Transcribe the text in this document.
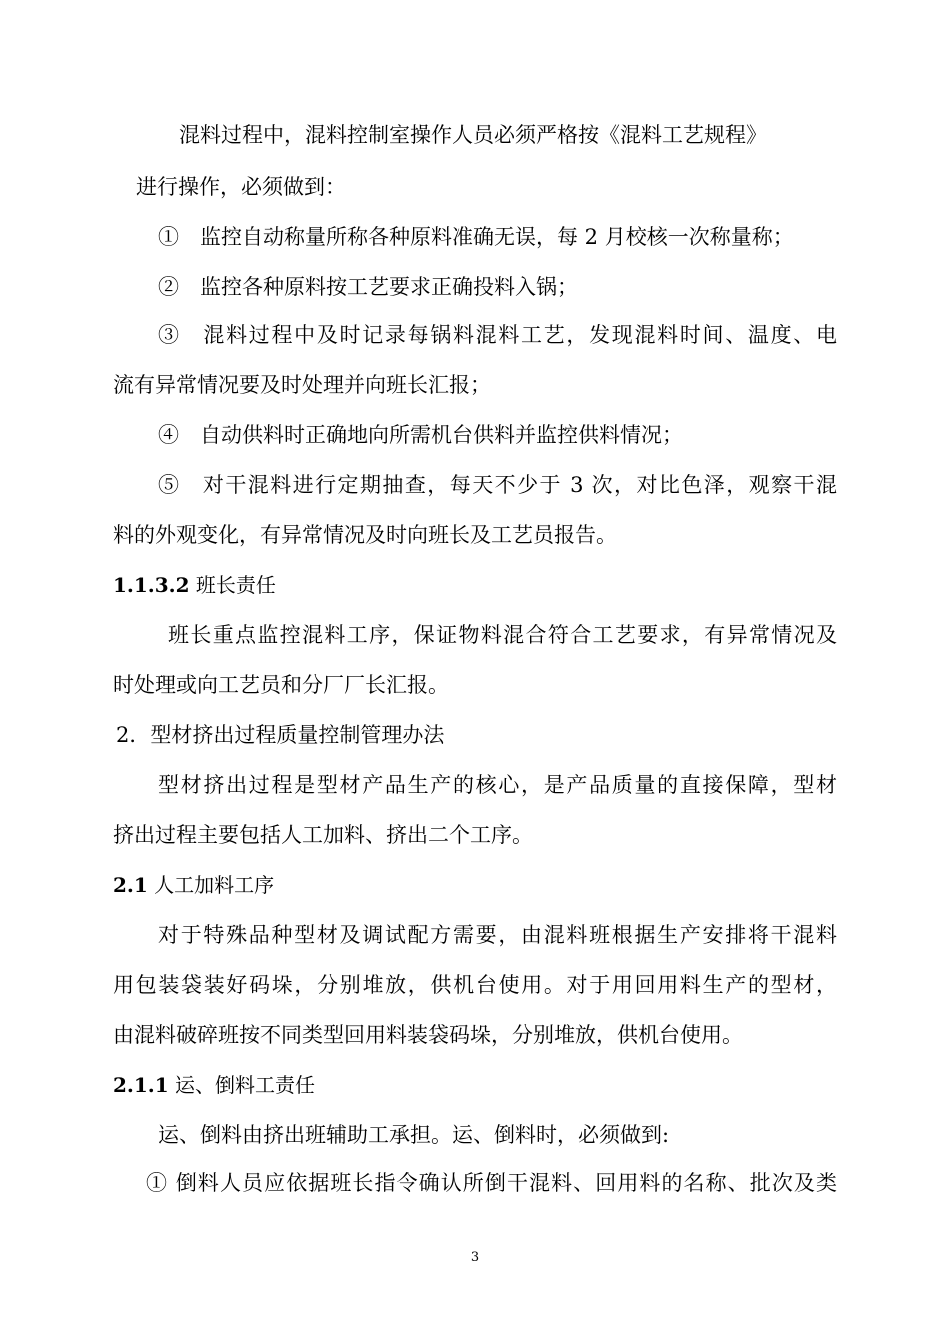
混料过程中，混料控制室操作人员必须严格按《混料工艺规程》
进行操作，必须做到：
①　监控自动称量所称各种原料准确无误，每 2 月校核一次称量称；
②　监控各种原料按工艺要求正确投料入锅；
③　混料过程中及时记录每锅料混料工艺，发现混料时间、温度、电
流有异常情况要及时处理并向班长汇报；
④　自动供料时正确地向所需机台供料并监控供料情况；
⑤　对干混料进行定期抽查，每天不少于 3 次，对比色泽，观察干混
料的外观变化，有异常情况及时向班长及工艺员报告。
1.1.3.2 班长责任
班长重点监控混料工序，保证物料混合符合工艺要求，有异常情况及
时处理或向工艺员和分厂厂长汇报。
2．型材挤出过程质量控制管理办法
型材挤出过程是型材产品生产的核心，是产品质量的直接保障，型材
挤出过程主要包括人工加料、挤出二个工序。
2.1 人工加料工序
对于特殊品种型材及调试配方需要，由混料班根据生产安排将干混料
用包装袋装好码垛，分别堆放，供机台使用。对于用回用料生产的型材，
由混料破碎班按不同类型回用料装袋码垛，分别堆放，供机台使用。
2.1.1 运、倒料工责任
运、倒料由挤出班辅助工承担。运、倒料时，必须做到:
① 倒料人员应依据班长指令确认所倒干混料、回用料的名称、批次及类
3
